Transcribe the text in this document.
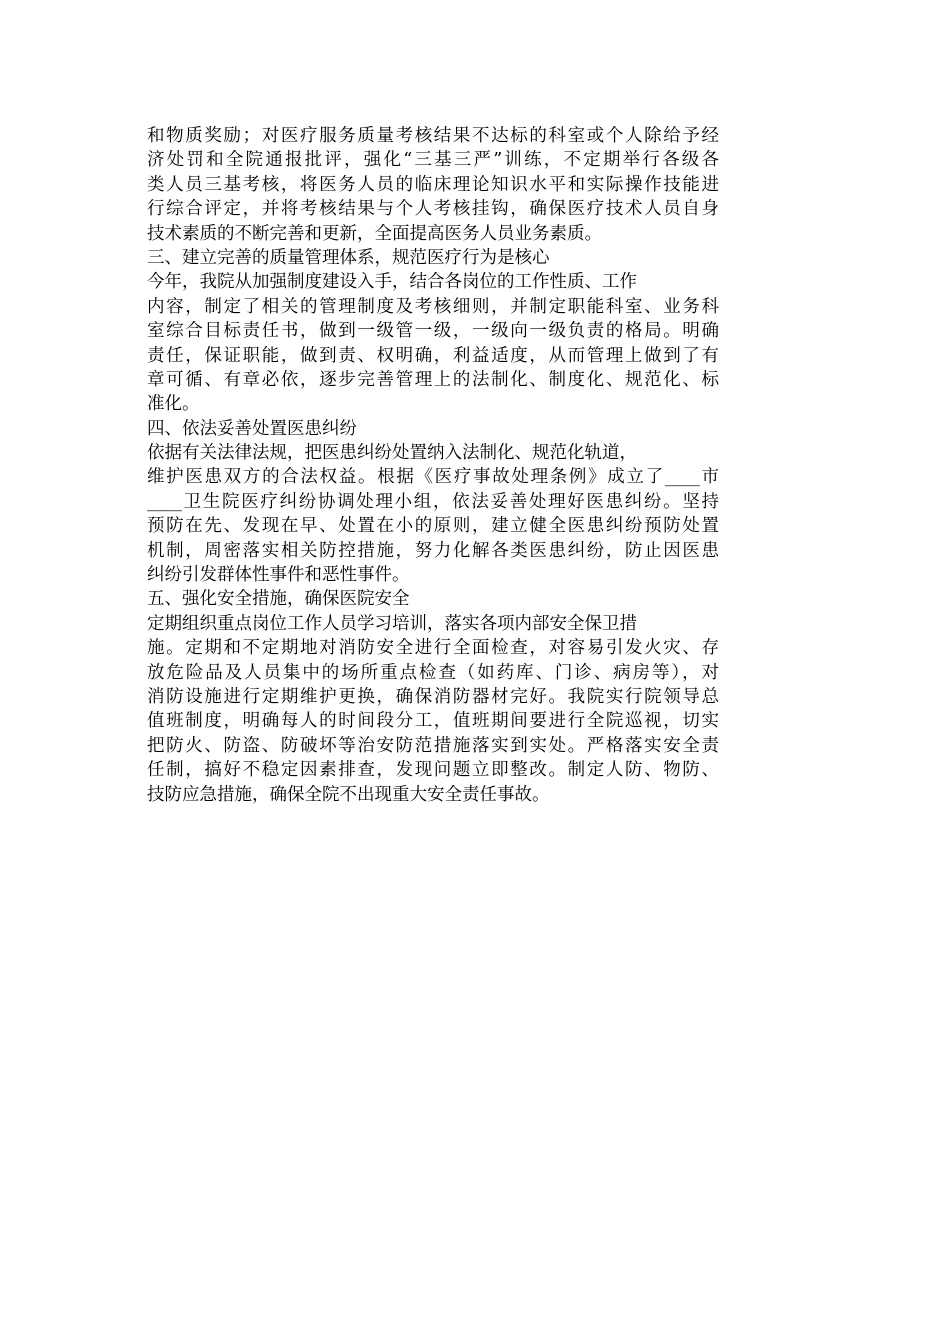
和物质奖励；对医疗服务质量考核结果不达标的科室或个人除给予经
济处罚和全院通报批评，强化“三基三严”训练，不定期举行各级各
类人员三基考核，将医务人员的临床理论知识水平和实际操作技能进
行综合评定，并将考核结果与个人考核挂钩，确保医疗技术人员自身
技术素质的不断完善和更新，全面提高医务人员业务素质。
三、建立完善的质量管理体系，规范医疗行为是核心
今年，我院从加强制度建设入手，结合各岗位的工作性质、工作
内容，制定了相关的管理制度及考核细则，并制定职能科室、业务科
室综合目标责任书，做到一级管一级，一级向一级负责的格局。明确
责任，保证职能，做到责、权明确，利益适度，从而管理上做到了有
章可循、有章必依，逐步完善管理上的法制化、制度化、规范化、标
准化。
四、依法妥善处置医患纠纷
依据有关法律法规，把医患纠纷处置纳入法制化、规范化轨道，
维护医患双方的合法权益。根据《医疗事故处理条例》成立了____市
____卫生院医疗纠纷协调处理小组，依法妥善处理好医患纠纷。坚持
预防在先、发现在早、处置在小的原则，建立健全医患纠纷预防处置
机制，周密落实相关防控措施，努力化解各类医患纠纷，防止因医患
纠纷引发群体性事件和恶性事件。
五、强化安全措施，确保医院安全
定期组织重点岗位工作人员学习培训，落实各项内部安全保卫措
施。定期和不定期地对消防安全进行全面检查，对容易引发火灾、存
放危险品及人员集中的场所重点检查（如药库、门诊、病房等），对
消防设施进行定期维护更换，确保消防器材完好。我院实行院领导总
值班制度，明确每人的时间段分工，值班期间要进行全院巡视，切实
把防火、防盗、防破坏等治安防范措施落实到实处。严格落实安全责
任制，搞好不稳定因素排查，发现问题立即整改。制定人防、物防、
技防应急措施，确保全院不出现重大安全责任事故。
